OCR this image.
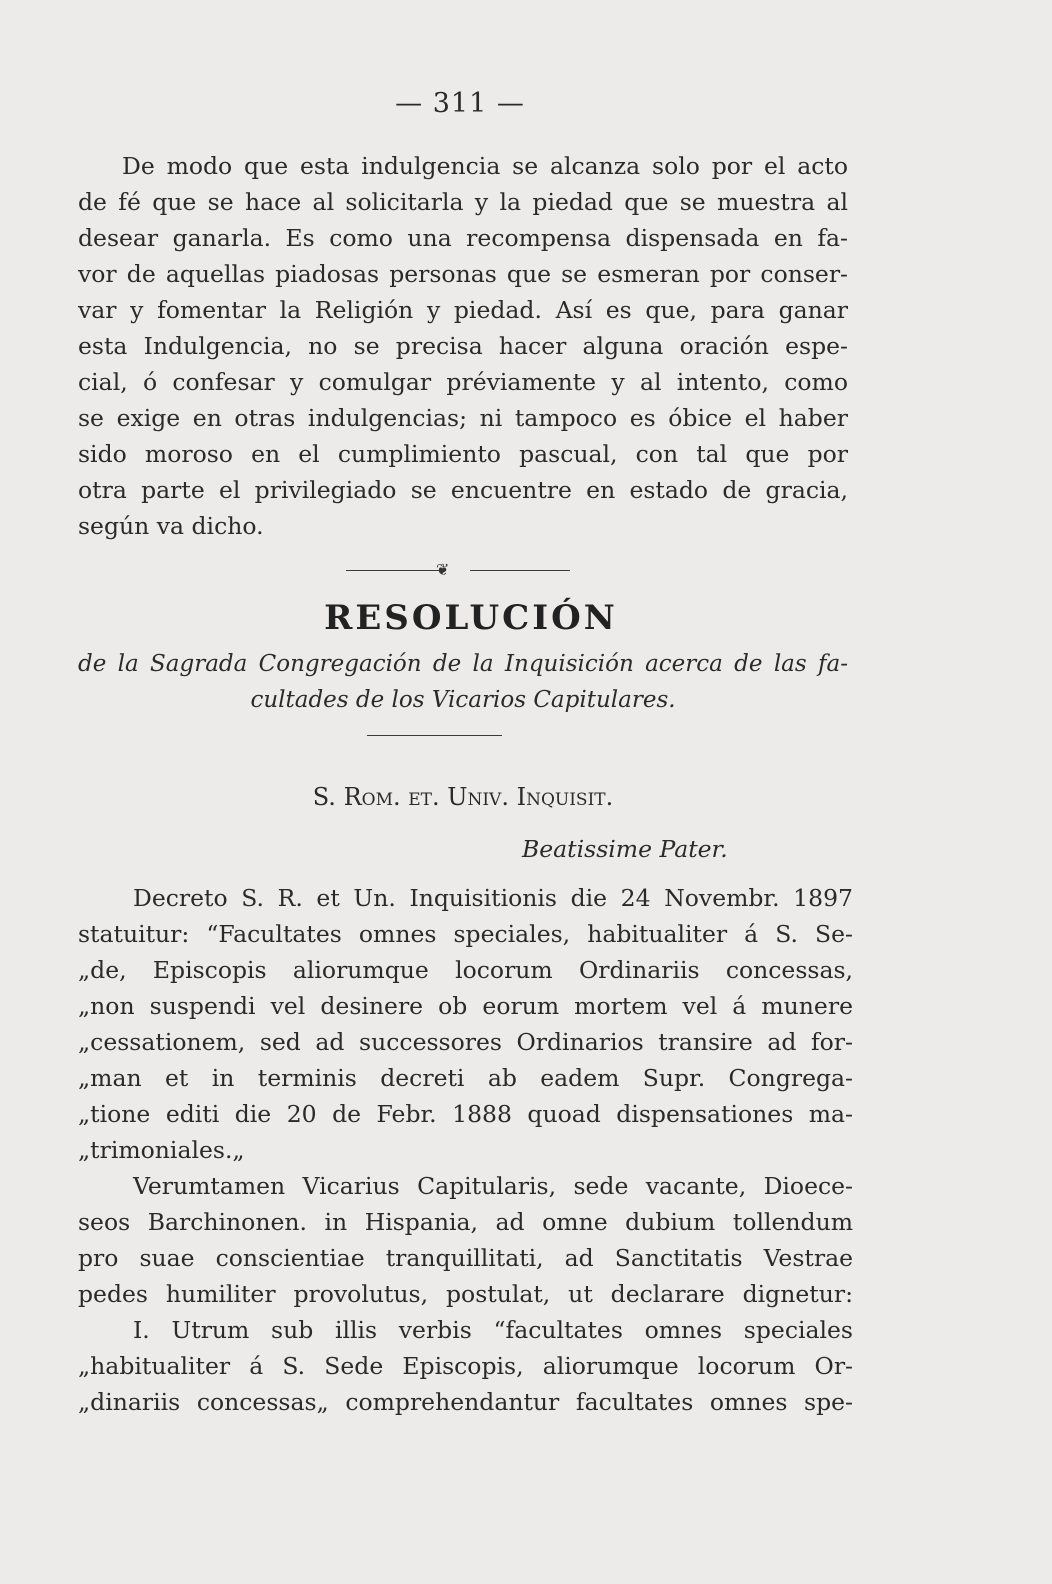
— 311 —
De modo que esta indulgencia se alcanza solo por el acto
de fé que se hace al solicitarla y la piedad que se muestra al
desear ganarla. Es como una recompensa dispensada en fa-
vor de aquellas piadosas personas que se esmeran por conser-
var y fomentar la Religión y piedad. Así es que, para ganar
esta Indulgencia, no se precisa hacer alguna oración espe-
cial, ó confesar y comulgar préviamente y al intento, como
se exige en otras indulgencias; ni tampoco es óbice el haber
sido moroso en el cumplimiento pascual, con tal que por
otra parte el privilegiado se encuentre en estado de gracia,
según va dicho.
❦
RESOLUCIÓN
de la Sagrada Congregación de la Inquisición acerca de las fa-
cultades de los Vicarios Capitulares.
S. Rom. et. Univ. Inquisit.
Beatissime Pater.
Decreto S. R. et Un. Inquisitionis die 24 Novembr. 1897
statuitur: “Facultates omnes speciales, habitualiter á S. Se-
„de, Episcopis aliorumque locorum Ordinariis concessas,
„non suspendi vel desinere ob eorum mortem vel á munere
„cessationem, sed ad successores Ordinarios transire ad for-
„man et in terminis decreti ab eadem Supr. Congrega-
„tione editi die 20 de Febr. 1888 quoad dispensationes ma-
„trimoniales.„
Verumtamen Vicarius Capitularis, sede vacante, Dioece-
seos Barchinonen. in Hispania, ad omne dubium tollendum
pro suae conscientiae tranquillitati, ad Sanctitatis Vestrae
pedes humiliter provolutus, postulat, ut declarare dignetur:
I. Utrum sub illis verbis “facultates omnes speciales
„habitualiter á S. Sede Episcopis, aliorumque locorum Or-
„dinariis concessas„ comprehendantur facultates omnes spe-
